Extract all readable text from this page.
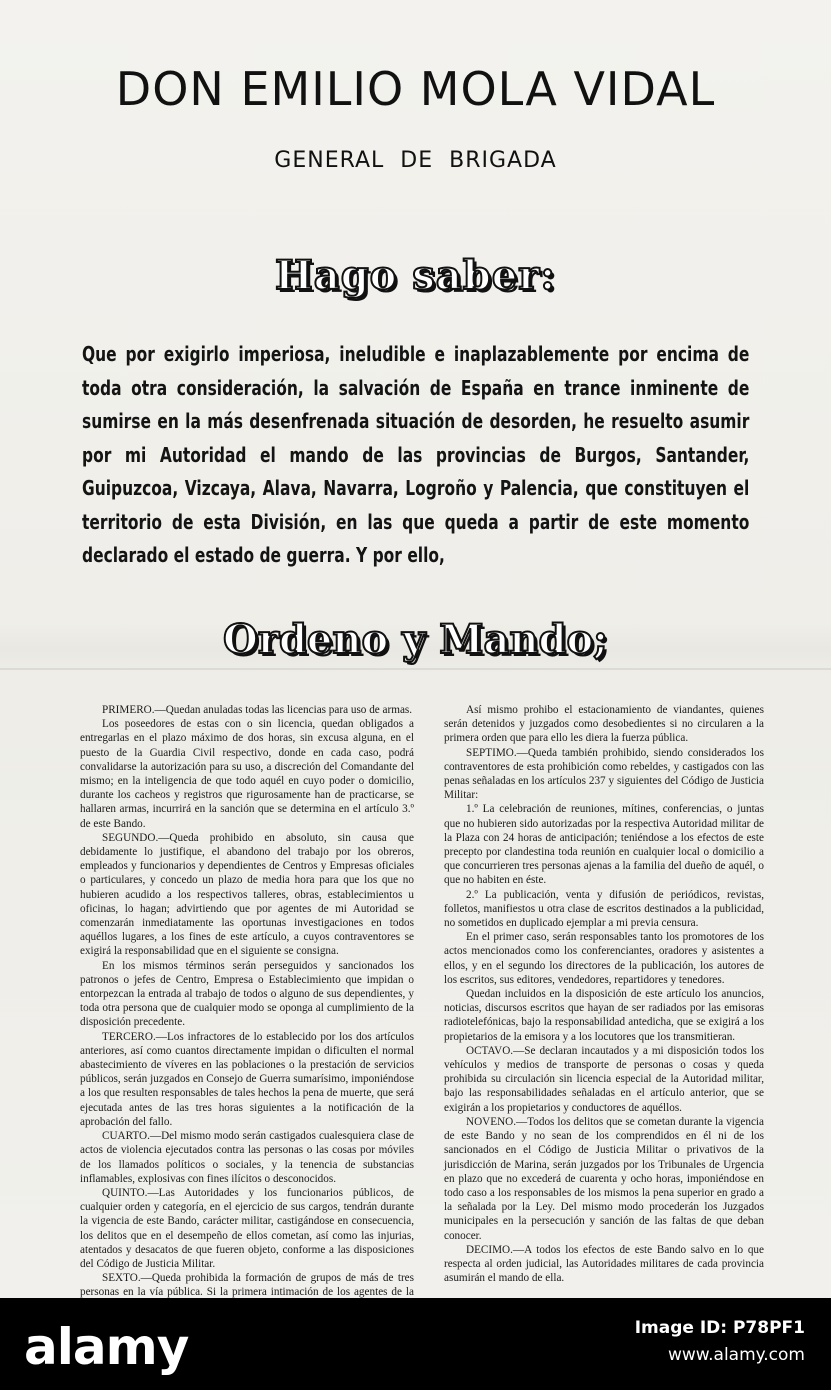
DON EMILIO MOLA VIDAL
GENERAL DE BRIGADA
Hago saber:
Que por exigirlo imperiosa, ineludible e inaplazablemente por encima de toda otra consideración, la salvación de España en trance inminente de sumirse en la más desenfrenada situación de desorden, he resuelto asumir por mi Autoridad el mando de las provincias de Burgos, Santander, Guipuzcoa, Vizcaya, Alava, Navarra, Logroño y Palencia, que constituyen el territorio de esta División, en las que queda a partir de este momento declarado el estado de guerra. Y por ello,
Ordeno y Mando;

PRIMERO.—Quedan anuladas todas las licencias para uso de armas.

Los poseedores de estas con o sin licencia, quedan obligados a entregarlas en el plazo máximo de dos horas, sin excusa alguna, en el puesto de la Guardia Civil respectivo, donde en cada caso, podrá convalidarse la autorización para su uso, a discreción del Comandante del mismo; en la inteligencia de que todo aquél en cuyo poder o domicilio, durante los cacheos y registros que rigurosamente han de practicarse, se hallaren armas, incurrirá en la sanción que se determina en el artículo 3.º de este Bando.

SEGUNDO.—Queda prohibido en absoluto, sin causa que debidamente lo justifique, el abandono del trabajo por los obreros, empleados y funcionarios y dependientes de Centros y Empresas oficiales o particulares, y concedo un plazo de media hora para que los que no hubieren acudido a los respectivos talleres, obras, establecimientos u oficinas, lo hagan; advirtiendo que por agentes de mi Autoridad se comenzarán inmediatamente las oportunas investigaciones en todos aquéllos lugares, a los fines de este artículo, a cuyos contraventores se exigirá la responsabilidad que en el siguiente se consigna.

En los mismos términos serán perseguidos y sancionados los patronos o jefes de Centro, Empresa o Establecimiento que impidan o entorpezcan la entrada al trabajo de todos o alguno de sus dependientes, y toda otra persona que de cualquier modo se oponga al cumplimiento de la disposición precedente.

TERCERO.—Los infractores de lo establecido por los dos artículos anteriores, así como cuantos directamente impidan o dificulten el normal abastecimiento de víveres en las poblaciones o la prestación de servicios públicos, serán juzgados en Consejo de Guerra sumarísimo, imponiéndose a los que resulten responsables de tales hechos la pena de muerte, que será ejecutada antes de las tres horas siguientes a la notificación de la aprobación del fallo.

CUARTO.—Del mismo modo serán castigados cualesquiera clase de actos de violencia ejecutados contra las personas o las cosas por móviles de los llamados políticos o sociales, y la tenencia de substancias inflamables, explosivas con fines ilícitos o desconocidos.

QUINTO.—Las Autoridades y los funcionarios públicos, de cualquier orden y categoría, en el ejercicio de sus cargos, tendrán durante la vigencia de este Bando, carácter militar, castigándose en consecuencia, los delitos que en el desempeño de ellos cometan, así como las injurias, atentados y desacatos de que fueren objeto, conforme a las disposiciones del Código de Justicia Militar.

SEXTO.—Queda prohibida la formación de grupos de más de tres personas en la vía pública. Si la primera intimación de los agentes de la

Así mismo prohibo el estacionamiento de viandantes, quienes serán detenidos y juzgados como desobedientes si no circularen a la primera orden que para ello les diera la fuerza pública.

SEPTIMO.—Queda también prohibido, siendo considerados los contraventores de esta prohibición como rebeldes, y castigados con las penas señaladas en los artículos 237 y siguientes del Código de Justicia Militar:

1.º La celebración de reuniones, mítines, conferencias, o juntas que no hubieren sido autorizadas por la respectiva Autoridad militar de la Plaza con 24 horas de anticipación; teniéndose a los efectos de este precepto por clandestina toda reunión en cualquier local o domicilio a que concurrieren tres personas ajenas a la familia del dueño de aquél, o que no habiten en éste.

2.º La publicación, venta y difusión de periódicos, revistas, folletos, manifiestos u otra clase de escritos destinados a la publicidad, no sometidos en duplicado ejemplar a mi previa censura.

En el primer caso, serán responsables tanto los promotores de los actos mencionados como los conferenciantes, oradores y asistentes a ellos, y en el segundo los directores de la publicación, los autores de los escritos, sus editores, vendedores, repartidores y tenedores.

Quedan incluidos en la disposición de este artículo los anuncios, noticias, discursos escritos que hayan de ser radiados por las emisoras radiotelefónicas, bajo la responsabilidad antedicha, que se exigirá a los propietarios de la emisora y a los locutores que los transmitieran.

OCTAVO.—Se declaran incautados y a mi disposición todos los vehículos y medios de transporte de personas o cosas y queda prohibida su circulación sin licencia especial de la Autoridad militar, bajo las responsabilidades señaladas en el artículo anterior, que se exigirán a los propietarios y conductores de aquéllos.

NOVENO.—Todos los delitos que se cometan durante la vigencia de este Bando y no sean de los comprendidos en él ni de los sancionados en el Código de Justicia Militar o privativos de la jurisdicción de Marina, serán juzgados por los Tribunales de Urgencia en plazo que no excederá de cuarenta y ocho horas, imponiéndose en todo caso a los responsables de los mismos la pena superior en grado a la señalada por la Ley. Del mismo modo procederán los Juzgados municipales en la persecución y sanción de las faltas de que deban conocer.

DECIMO.—A todos los efectos de este Bando salvo en lo que respecta al orden judicial, las Autoridades militares de cada provincia asumirán el mando de ella.

alamy	Image ID: P78PF1
www.alamy.com
